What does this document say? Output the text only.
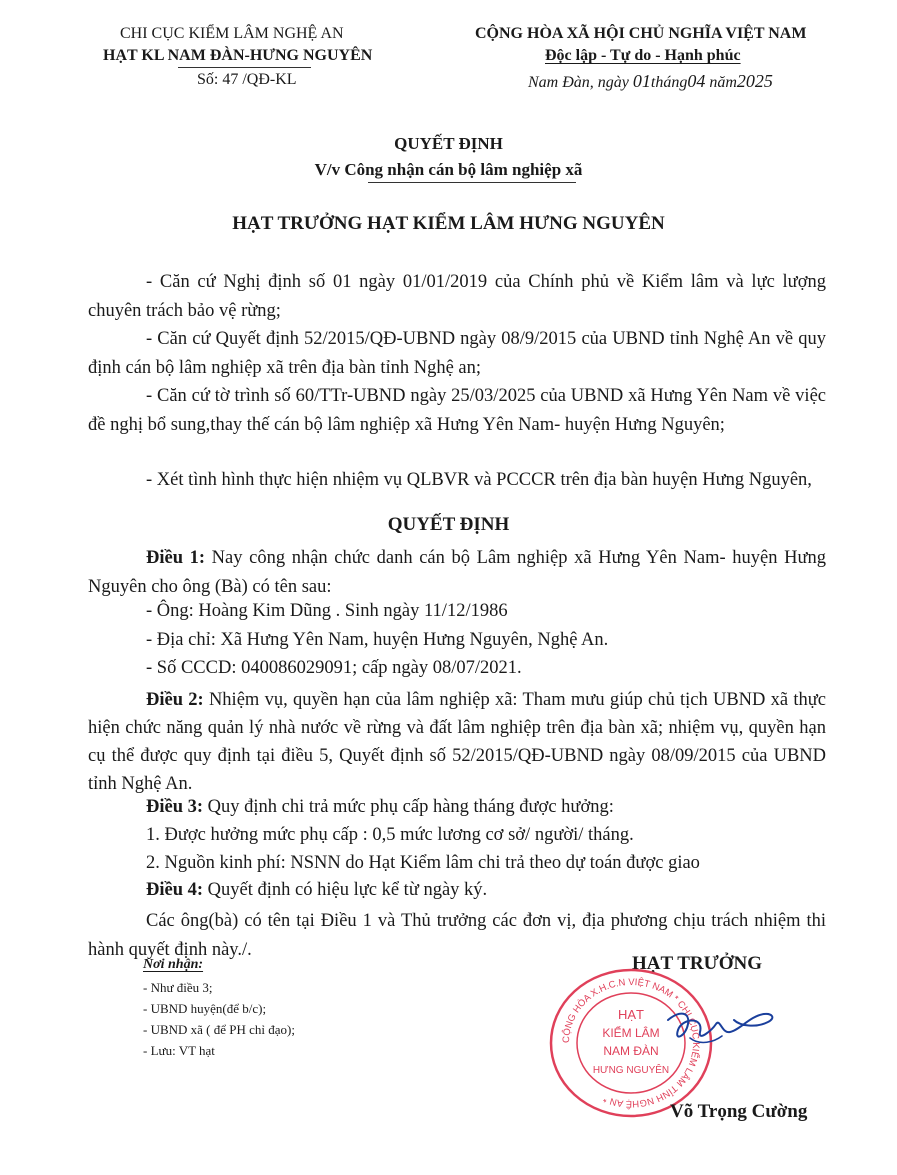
CHI CỤC KIỂM LÂM NGHỆ AN
HẠT KL NAM ĐÀN-HƯNG NGUYÊN
Số: 47 /QĐ-KL
CỘNG HÒA XÃ HỘI CHỦ NGHĨA VIỆT NAM
Độc lập - Tự do - Hạnh phúc
Nam Đàn, ngày 01tháng04 năm2025
QUYẾT ĐỊNH
V/v Công nhận cán bộ lâm nghiệp xã
HẠT TRƯỞNG HẠT KIỂM LÂM HƯNG NGUYÊN
- Căn cứ Nghị định số 01 ngày 01/01/2019 của Chính phủ về Kiểm lâm và lực lượng chuyên trách bảo vệ rừng;
- Căn cứ Quyết định 52/2015/QĐ-UBND ngày 08/9/2015 của UBND tỉnh Nghệ An về quy định cán bộ lâm nghiệp xã trên địa bàn tỉnh Nghệ an;
- Căn cứ tờ trình số 60/TTr-UBND ngày 25/03/2025 của UBND xã Hưng Yên Nam về việc đề nghị bổ sung,thay thế cán bộ lâm nghiệp xã Hưng Yên Nam- huyện Hưng Nguyên;
- Xét tình hình thực hiện nhiệm vụ QLBVR và PCCCR trên địa bàn huyện Hưng Nguyên,
QUYẾT ĐỊNH
Điều 1: Nay công nhận chức danh cán bộ Lâm nghiệp xã Hưng Yên Nam- huyện Hưng Nguyên cho ông (Bà) có tên sau:
- Ông: Hoàng Kim Dũng . Sinh ngày 11/12/1986
- Địa chỉ: Xã Hưng Yên Nam, huyện Hưng Nguyên, Nghệ An.
- Số CCCD: 040086029091; cấp ngày 08/07/2021.
Điều 2: Nhiệm vụ, quyền hạn của lâm nghiệp xã: Tham mưu giúp chủ tịch UBND xã thực hiện chức năng quản lý nhà nước về rừng và đất lâm nghiệp trên địa bàn xã; nhiệm vụ, quyền hạn cụ thể được quy định tại điều 5, Quyết định số 52/2015/QĐ-UBND ngày 08/09/2015 của UBND tỉnh Nghệ An.
Điều 3: Quy định chi trả mức phụ cấp hàng tháng được hưởng:
1. Được hưởng mức phụ cấp : 0,5 mức lương cơ sở/ người/ tháng.
2. Nguồn kinh phí: NSNN do Hạt Kiểm lâm chi trả theo dự toán được giao
Điều 4: Quyết định có hiệu lực kể từ ngày ký.
Các ông(bà) có tên tại Điều 1 và Thủ trưởng các đơn vị, địa phương chịu trách nhiệm thi hành quyết định này./.
Nơi nhận:
- Như điều 3;
- UBND huyện(để b/c);
- UBND xã ( để PH chỉ đạo);
- Lưu: VT hạt
HẠT TRƯỞNG
CỘNG HÒA X.H.C.N VIỆT NAM * CHI CỤC KIỂM LÂM TỈNH NGHỆ AN *
HẠT
KIỂM LÂM
NAM ĐÀN
HƯNG NGUYÊN
Võ Trọng Cường
